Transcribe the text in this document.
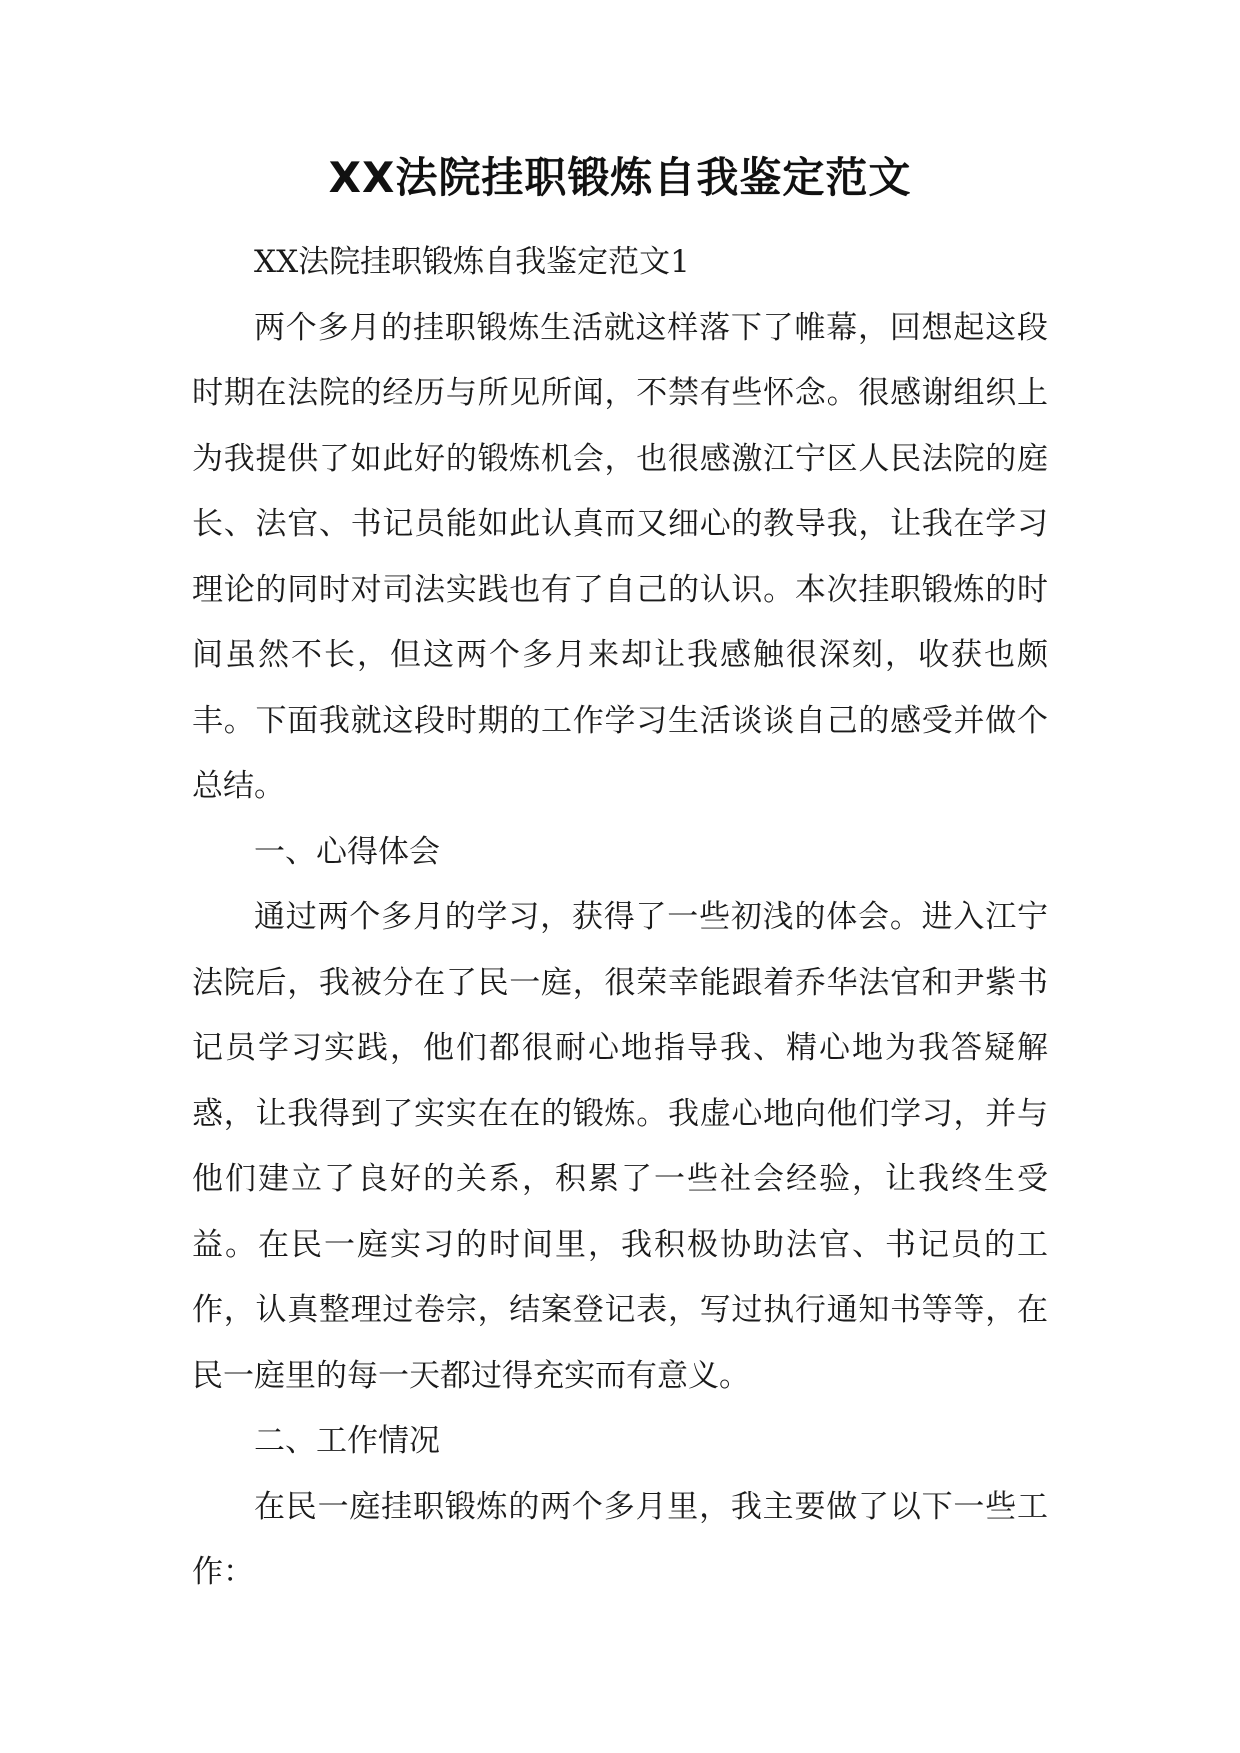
XX法院挂职锻炼自我鉴定范文

XX法院挂职锻炼自我鉴定范文1

两个多月的挂职锻炼生活就这样落下了帷幕，回想起这段时期在法院的经历与所见所闻，不禁有些怀念。很感谢组织上为我提供了如此好的锻炼机会，也很感激江宁区人民法院的庭长、法官、书记员能如此认真而又细心的教导我，让我在学习理论的同时对司法实践也有了自己的认识。本次挂职锻炼的时间虽然不长，但这两个多月来却让我感触很深刻，收获也颇丰。下面我就这段时期的工作学习生活谈谈自己的感受并做个总结。

一、心得体会

通过两个多月的学习，获得了一些初浅的体会。进入江宁法院后，我被分在了民一庭，很荣幸能跟着乔华法官和尹紫书记员学习实践，他们都很耐心地指导我、精心地为我答疑解惑，让我得到了实实在在的锻炼。我虚心地向他们学习，并与他们建立了良好的关系，积累了一些社会经验，让我终生受益。在民一庭实习的时间里，我积极协助法官、书记员的工作，认真整理过卷宗，结案登记表，写过执行通知书等等，在民一庭里的每一天都过得充实而有意义。

二、工作情况

在民一庭挂职锻炼的两个多月里，我主要做了以下一些工作：
